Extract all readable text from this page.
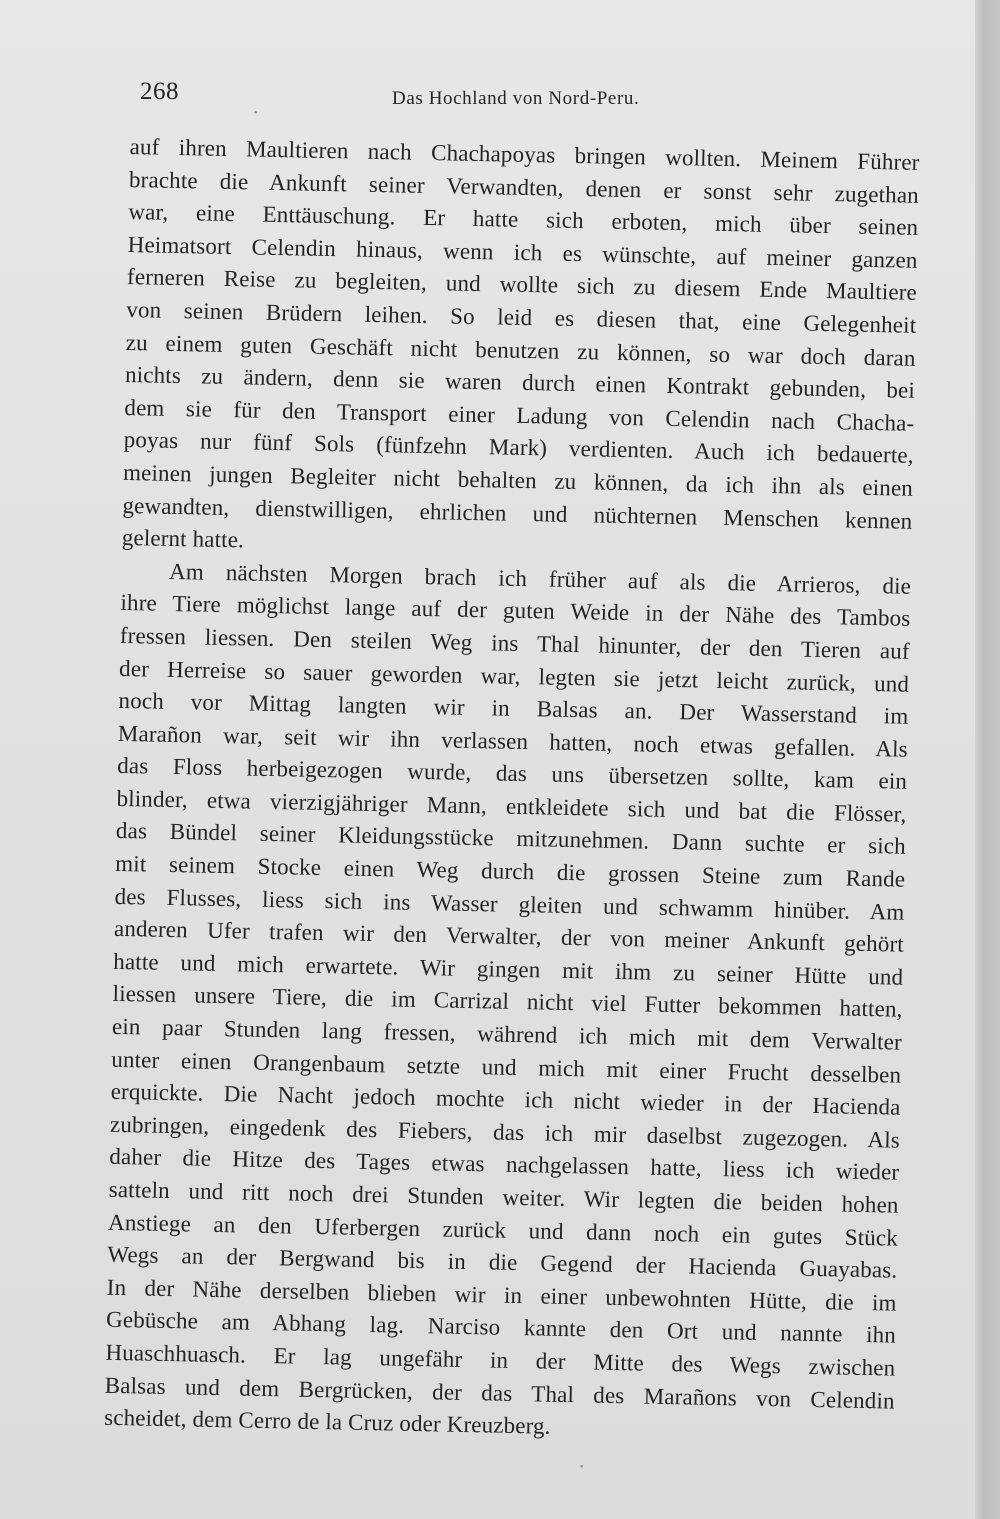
268	Das Hochland von Nord-Peru.

auf ihren Maultieren nach Chachapoyas bringen wollten. Meinem Führer
brachte die Ankunft seiner Verwandten, denen er sonst sehr zugethan
war, eine Enttäuschung. Er hatte sich erboten, mich über seinen
Heimatsort Celendin hinaus, wenn ich es wünschte, auf meiner ganzen
ferneren Reise zu begleiten, und wollte sich zu diesem Ende Maultiere
von seinen Brüdern leihen. So leid es diesen that, eine Gelegenheit
zu einem guten Geschäft nicht benutzen zu können, so war doch daran
nichts zu ändern, denn sie waren durch einen Kontrakt gebunden, bei
dem sie für den Transport einer Ladung von Celendin nach Chacha-
poyas nur fünf Sols (fünfzehn Mark) verdienten. Auch ich bedauerte,
meinen jungen Begleiter nicht behalten zu können, da ich ihn als einen
gewandten, dienstwilligen, ehrlichen und nüchternen Menschen kennen
gelernt hatte.

Am nächsten Morgen brach ich früher auf als die Arrieros, die
ihre Tiere möglichst lange auf der guten Weide in der Nähe des Tambos
fressen liessen. Den steilen Weg ins Thal hinunter, der den Tieren auf
der Herreise so sauer geworden war, legten sie jetzt leicht zurück, und
noch vor Mittag langten wir in Balsas an. Der Wasserstand im
Marañon war, seit wir ihn verlassen hatten, noch etwas gefallen. Als
das Floss herbeigezogen wurde, das uns übersetzen sollte, kam ein
blinder, etwa vierzigjähriger Mann, entkleidete sich und bat die Flösser,
das Bündel seiner Kleidungsstücke mitzunehmen. Dann suchte er sich
mit seinem Stocke einen Weg durch die grossen Steine zum Rande
des Flusses, liess sich ins Wasser gleiten und schwamm hinüber. Am
anderen Ufer trafen wir den Verwalter, der von meiner Ankunft gehört
hatte und mich erwartete. Wir gingen mit ihm zu seiner Hütte und
liessen unsere Tiere, die im Carrizal nicht viel Futter bekommen hatten,
ein paar Stunden lang fressen, während ich mich mit dem Verwalter
unter einen Orangenbaum setzte und mich mit einer Frucht desselben
erquickte. Die Nacht jedoch mochte ich nicht wieder in der Hacienda
zubringen, eingedenk des Fiebers, das ich mir daselbst zugezogen. Als
daher die Hitze des Tages etwas nachgelassen hatte, liess ich wieder
satteln und ritt noch drei Stunden weiter. Wir legten die beiden hohen
Anstiege an den Uferbergen zurück und dann noch ein gutes Stück
Wegs an der Bergwand bis in die Gegend der Hacienda Guayabas.
In der Nähe derselben blieben wir in einer unbewohnten Hütte, die im
Gebüsche am Abhang lag. Narciso kannte den Ort und nannte ihn
Huaschhuasch. Er lag ungefähr in der Mitte des Wegs zwischen
Balsas und dem Bergrücken, der das Thal des Marañons von Celendin
scheidet, dem Cerro de la Cruz oder Kreuzberg.

•
•
